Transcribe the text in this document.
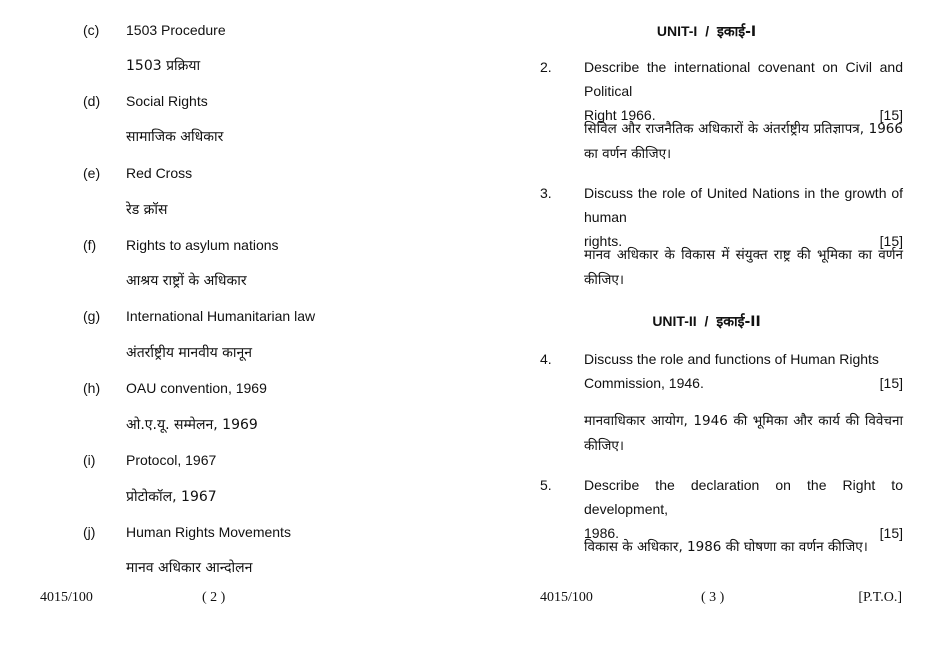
(c) 1503 Procedure
1503 प्रक्रिया
(d) Social Rights
सामाजिक अधिकार
(e) Red Cross
रेड क्रॉस
(f) Rights to asylum nations
आश्रय राष्ट्रों के अधिकार
(g) International Humanitarian law
अंतर्राष्ट्रीय मानवीय कानून
(h) OAU convention, 1969
ओ.ए.यू. सम्मेलन, 1969
(i) Protocol, 1967
प्रोटोकॉल, 1967
(j) Human Rights Movements
मानव अधिकार आन्दोलन
4015/100	( 2 )
UNIT-I / इकाई-I
2. Describe the international covenant on Civil and Political
Right 1966.	[15]
सिविल और राजनैतिक अधिकारों के अंतर्राष्ट्रीय प्रतिज्ञापत्र, 1966 का वर्णन कीजिए।
3. Discuss the role of United Nations in the growth of human
rights.	[15]
मानव अधिकार के विकास में संयुक्त राष्ट्र की भूमिका का वर्णन कीजिए।
UNIT-II / इकाई-II
4. Discuss the role and functions of Human Rights
Commission, 1946.	[15]
मानवाधिकार आयोग, 1946 की भूमिका और कार्य की विवेचना कीजिए।
5. Describe the declaration on the Right to development,
1986.	[15]
विकास के अधिकार, 1986 की घोषणा का वर्णन कीजिए।
4015/100	( 3 )	[P.T.O.]
